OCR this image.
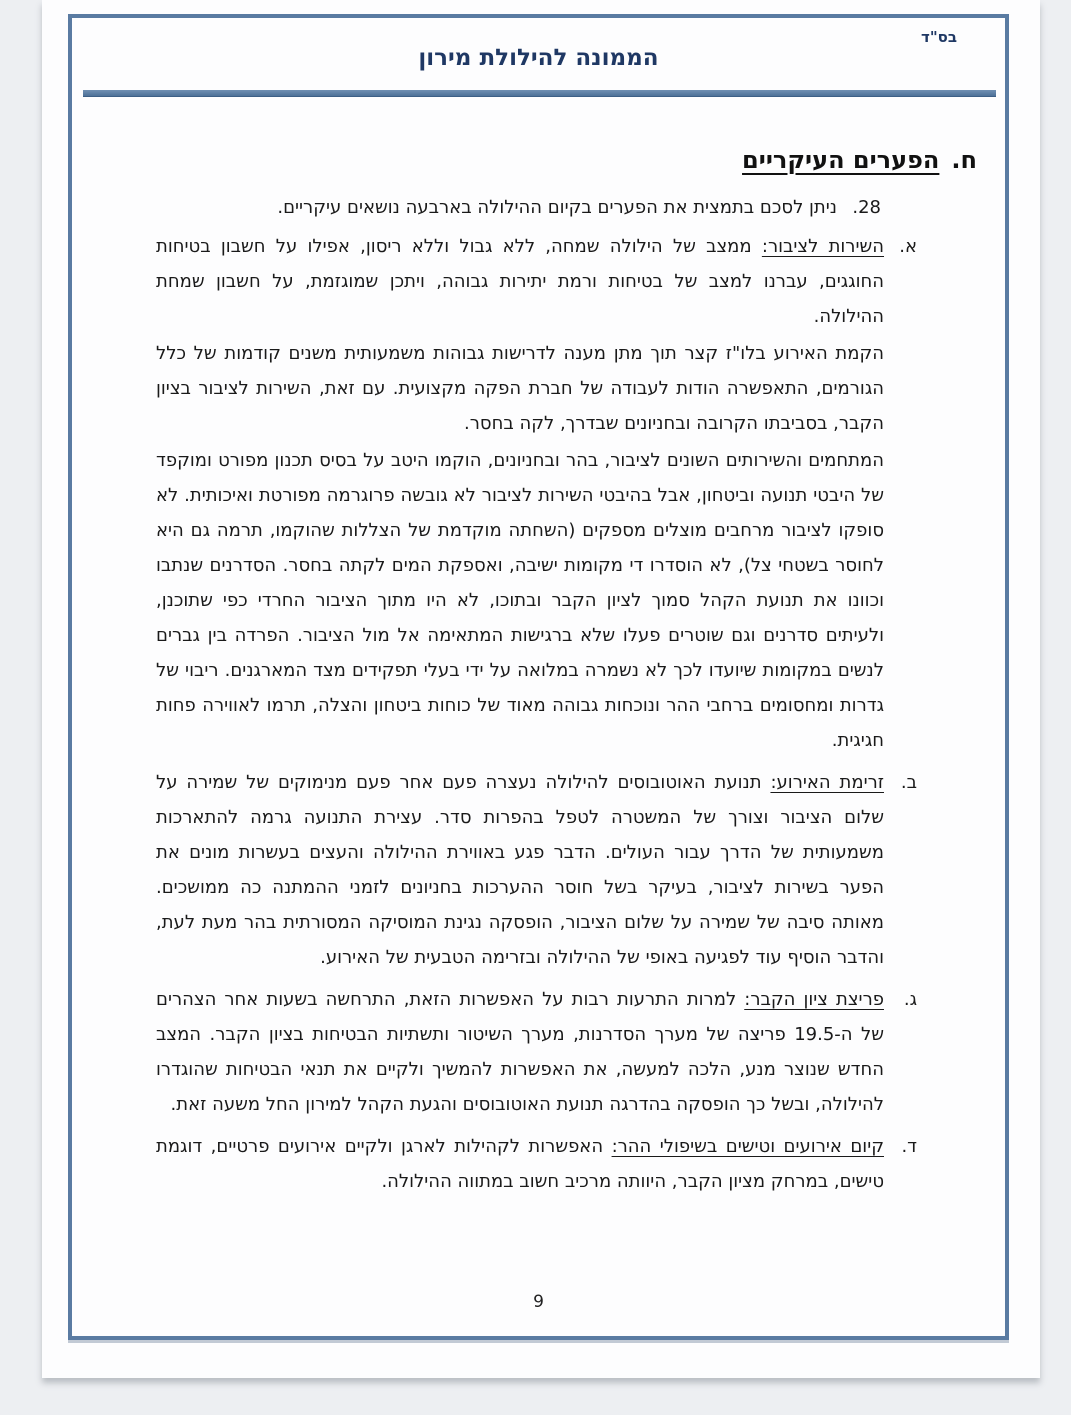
בס"ד
הממונה להילולת מירון
ח.הפערים העיקריים
28.
ניתן לסכם בתמצית את הפערים בקיום ההילולה בארבעה נושאים עיקריים.
א.

השירות לציבור: ממצב של הילולה שמחה, ללא גבול וללא ריסון, אפילו על חשבון בטיחות החוגגים, עברנו למצב של בטיחות ורמת יתירות גבוהה, ויתכן שמוגזמת, על חשבון שמחת ההילולה.

הקמת האירוע בלו"ז קצר תוך מתן מענה לדרישות גבוהות משמעותית משנים קודמות של כלל הגורמים, התאפשרה הודות לעבודה של חברת הפקה מקצועית. עם זאת, השירות לציבור בציון הקבר, בסביבתו הקרובה ובחניונים שבדרך, לקה בחסר.

המתחמים והשירותים השונים לציבור, בהר ובחניונים, הוקמו היטב על בסיס תכנון מפורט ומוקפד של היבטי תנועה וביטחון, אבל בהיבטי השירות לציבור לא גובשה פרוגרמה מפורטת ואיכותית. לא סופקו לציבור מרחבים מוצלים מספקים (השחתה מוקדמת של הצללות שהוקמו, תרמה גם היא לחוסר בשטחי צל), לא הוסדרו די מקומות ישיבה, ואספקת המים לקתה בחסר. הסדרנים שנתבו וכוונו את תנועת הקהל סמוך לציון הקבר ובתוכו, לא היו מתוך הציבור החרדי כפי שתוכנן, ולעיתים סדרנים וגם שוטרים פעלו שלא ברגישות המתאימה אל מול הציבור. הפרדה בין גברים לנשים במקומות שיועדו לכך לא נשמרה במלואה על ידי בעלי תפקידים מצד המארגנים. ריבוי של גדרות ומחסומים ברחבי ההר ונוכחות גבוהה מאוד של כוחות ביטחון והצלה, תרמו לאווירה פחות חגיגית.

ב.

זרימת האירוע: תנועת האוטובוסים להילולה נעצרה פעם אחר פעם מנימוקים של שמירה על שלום הציבור וצורך של המשטרה לטפל בהפרות סדר. עצירת התנועה גרמה להתארכות משמעותית של הדרך עבור העולים. הדבר פגע באווירת ההילולה והעצים בעשרות מונים את הפער בשירות לציבור, בעיקר בשל חוסר ההערכות בחניונים לזמני ההמתנה כה ממושכים. מאותה סיבה של שמירה על שלום הציבור, הופסקה נגינת המוסיקה המסורתית בהר מעת לעת, והדבר הוסיף עוד לפגיעה באופי של ההילולה ובזרימה הטבעית של האירוע.

ג.

פריצת ציון הקבר: למרות התרעות רבות על האפשרות הזאת, התרחשה בשעות אחר הצהרים של ה-19.5 פריצה של מערך הסדרנות, מערך השיטור ותשתיות הבטיחות בציון הקבר. המצב החדש שנוצר מנע, הלכה למעשה, את האפשרות להמשיך ולקיים את תנאי הבטיחות שהוגדרו להילולה, ובשל כך הופסקה בהדרגה תנועת האוטובוסים והגעת הקהל למירון החל משעה זאת.

ד.

קיום אירועים וטישים בשיפולי ההר: האפשרות לקהילות לארגן ולקיים אירועים פרטיים, דוגמת טישים, במרחק מציון הקבר, היוותה מרכיב חשוב במתווה ההילולה.

9
